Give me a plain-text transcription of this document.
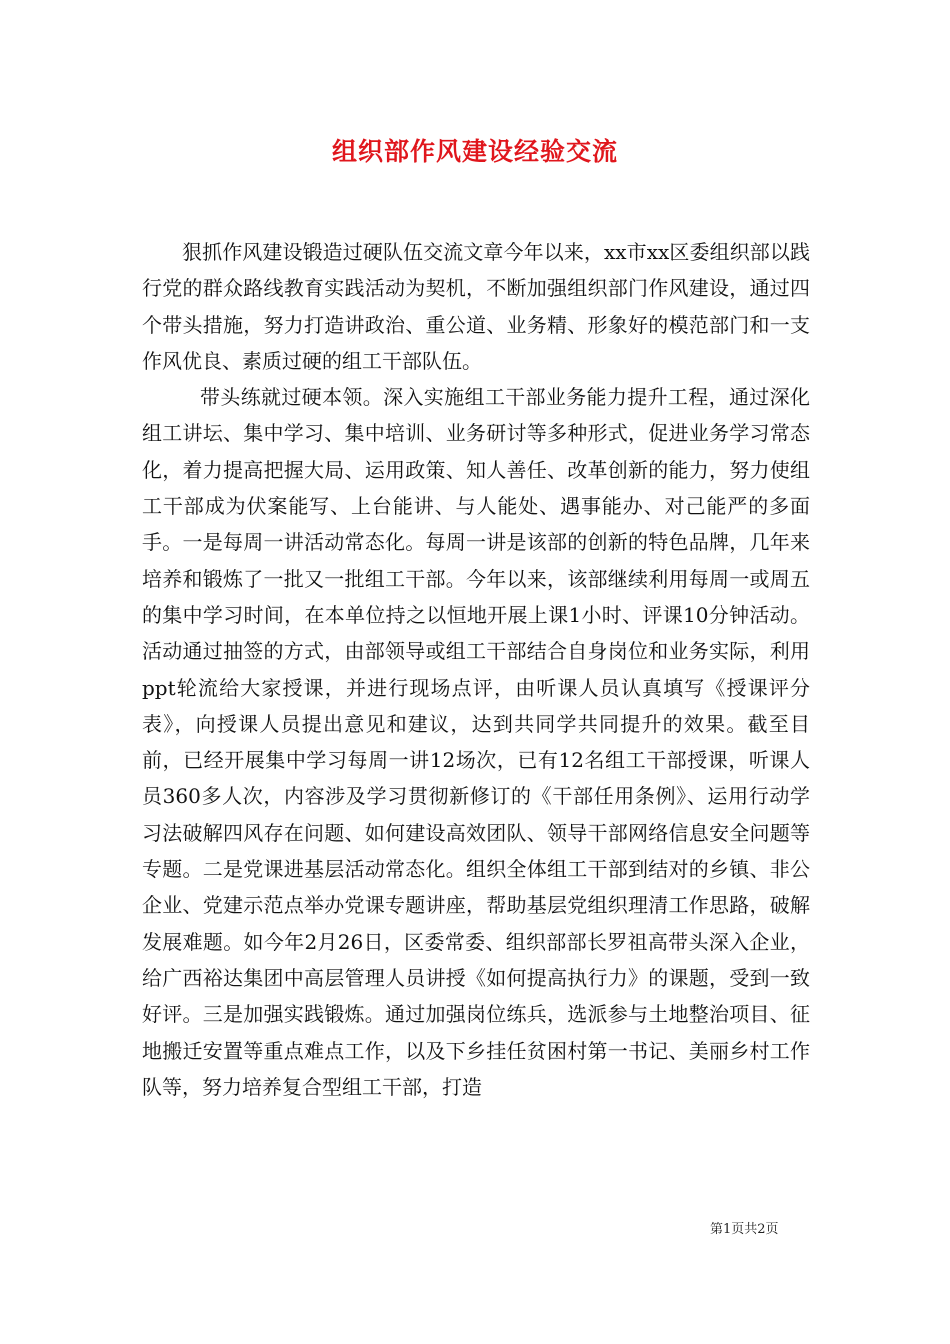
组织部作风建设经验交流

狠抓作风建设锻造过硬队伍交流文章今年以来，xx市xx区委组织部以践行党的群众路线教育实践活动为契机，不断加强组织部门作风建设，通过四个带头措施，努力打造讲政治、重公道、业务精、形象好的模范部门和一支作风优良、素质过硬的组工干部队伍。

带头练就过硬本领。深入实施组工干部业务能力提升工程，通过深化组工讲坛、集中学习、集中培训、业务研讨等多种形式，促进业务学习常态化，着力提高把握大局、运用政策、知人善任、改革创新的能力，努力使组工干部成为伏案能写、上台能讲、与人能处、遇事能办、对己能严的多面手。一是每周一讲活动常态化。每周一讲是该部的创新的特色品牌，几年来培养和锻炼了一批又一批组工干部。今年以来，该部继续利用每周一或周五的集中学习时间，在本单位持之以恒地开展上课1小时、评课10分钟活动。活动通过抽签的方式，由部领导或组工干部结合自身岗位和业务实际，利用ppt轮流给大家授课，并进行现场点评，由听课人员认真填写《授课评分表》，向授课人员提出意见和建议，达到共同学共同提升的效果。截至目前，已经开展集中学习每周一讲12场次，已有12名组工干部授课，听课人员360多人次，内容涉及学习贯彻新修订的《干部任用条例》、运用行动学习法破解四风存在问题、如何建设高效团队、领导干部网络信息安全问题等专题。二是党课进基层活动常态化。组织全体组工干部到结对的乡镇、非公企业、党建示范点举办党课专题讲座，帮助基层党组织理清工作思路，破解发展难题。如今年2月26日，区委常委、组织部部长罗祖高带头深入企业，给广西裕达集团中高层管理人员讲授《如何提高执行力》的课题，受到一致好评。三是加强实践锻炼。通过加强岗位练兵，选派参与土地整治项目、征地搬迁安置等重点难点工作，以及下乡挂任贫困村第一书记、美丽乡村工作队等，努力培养复合型组工干部，打造

第1页共2页
